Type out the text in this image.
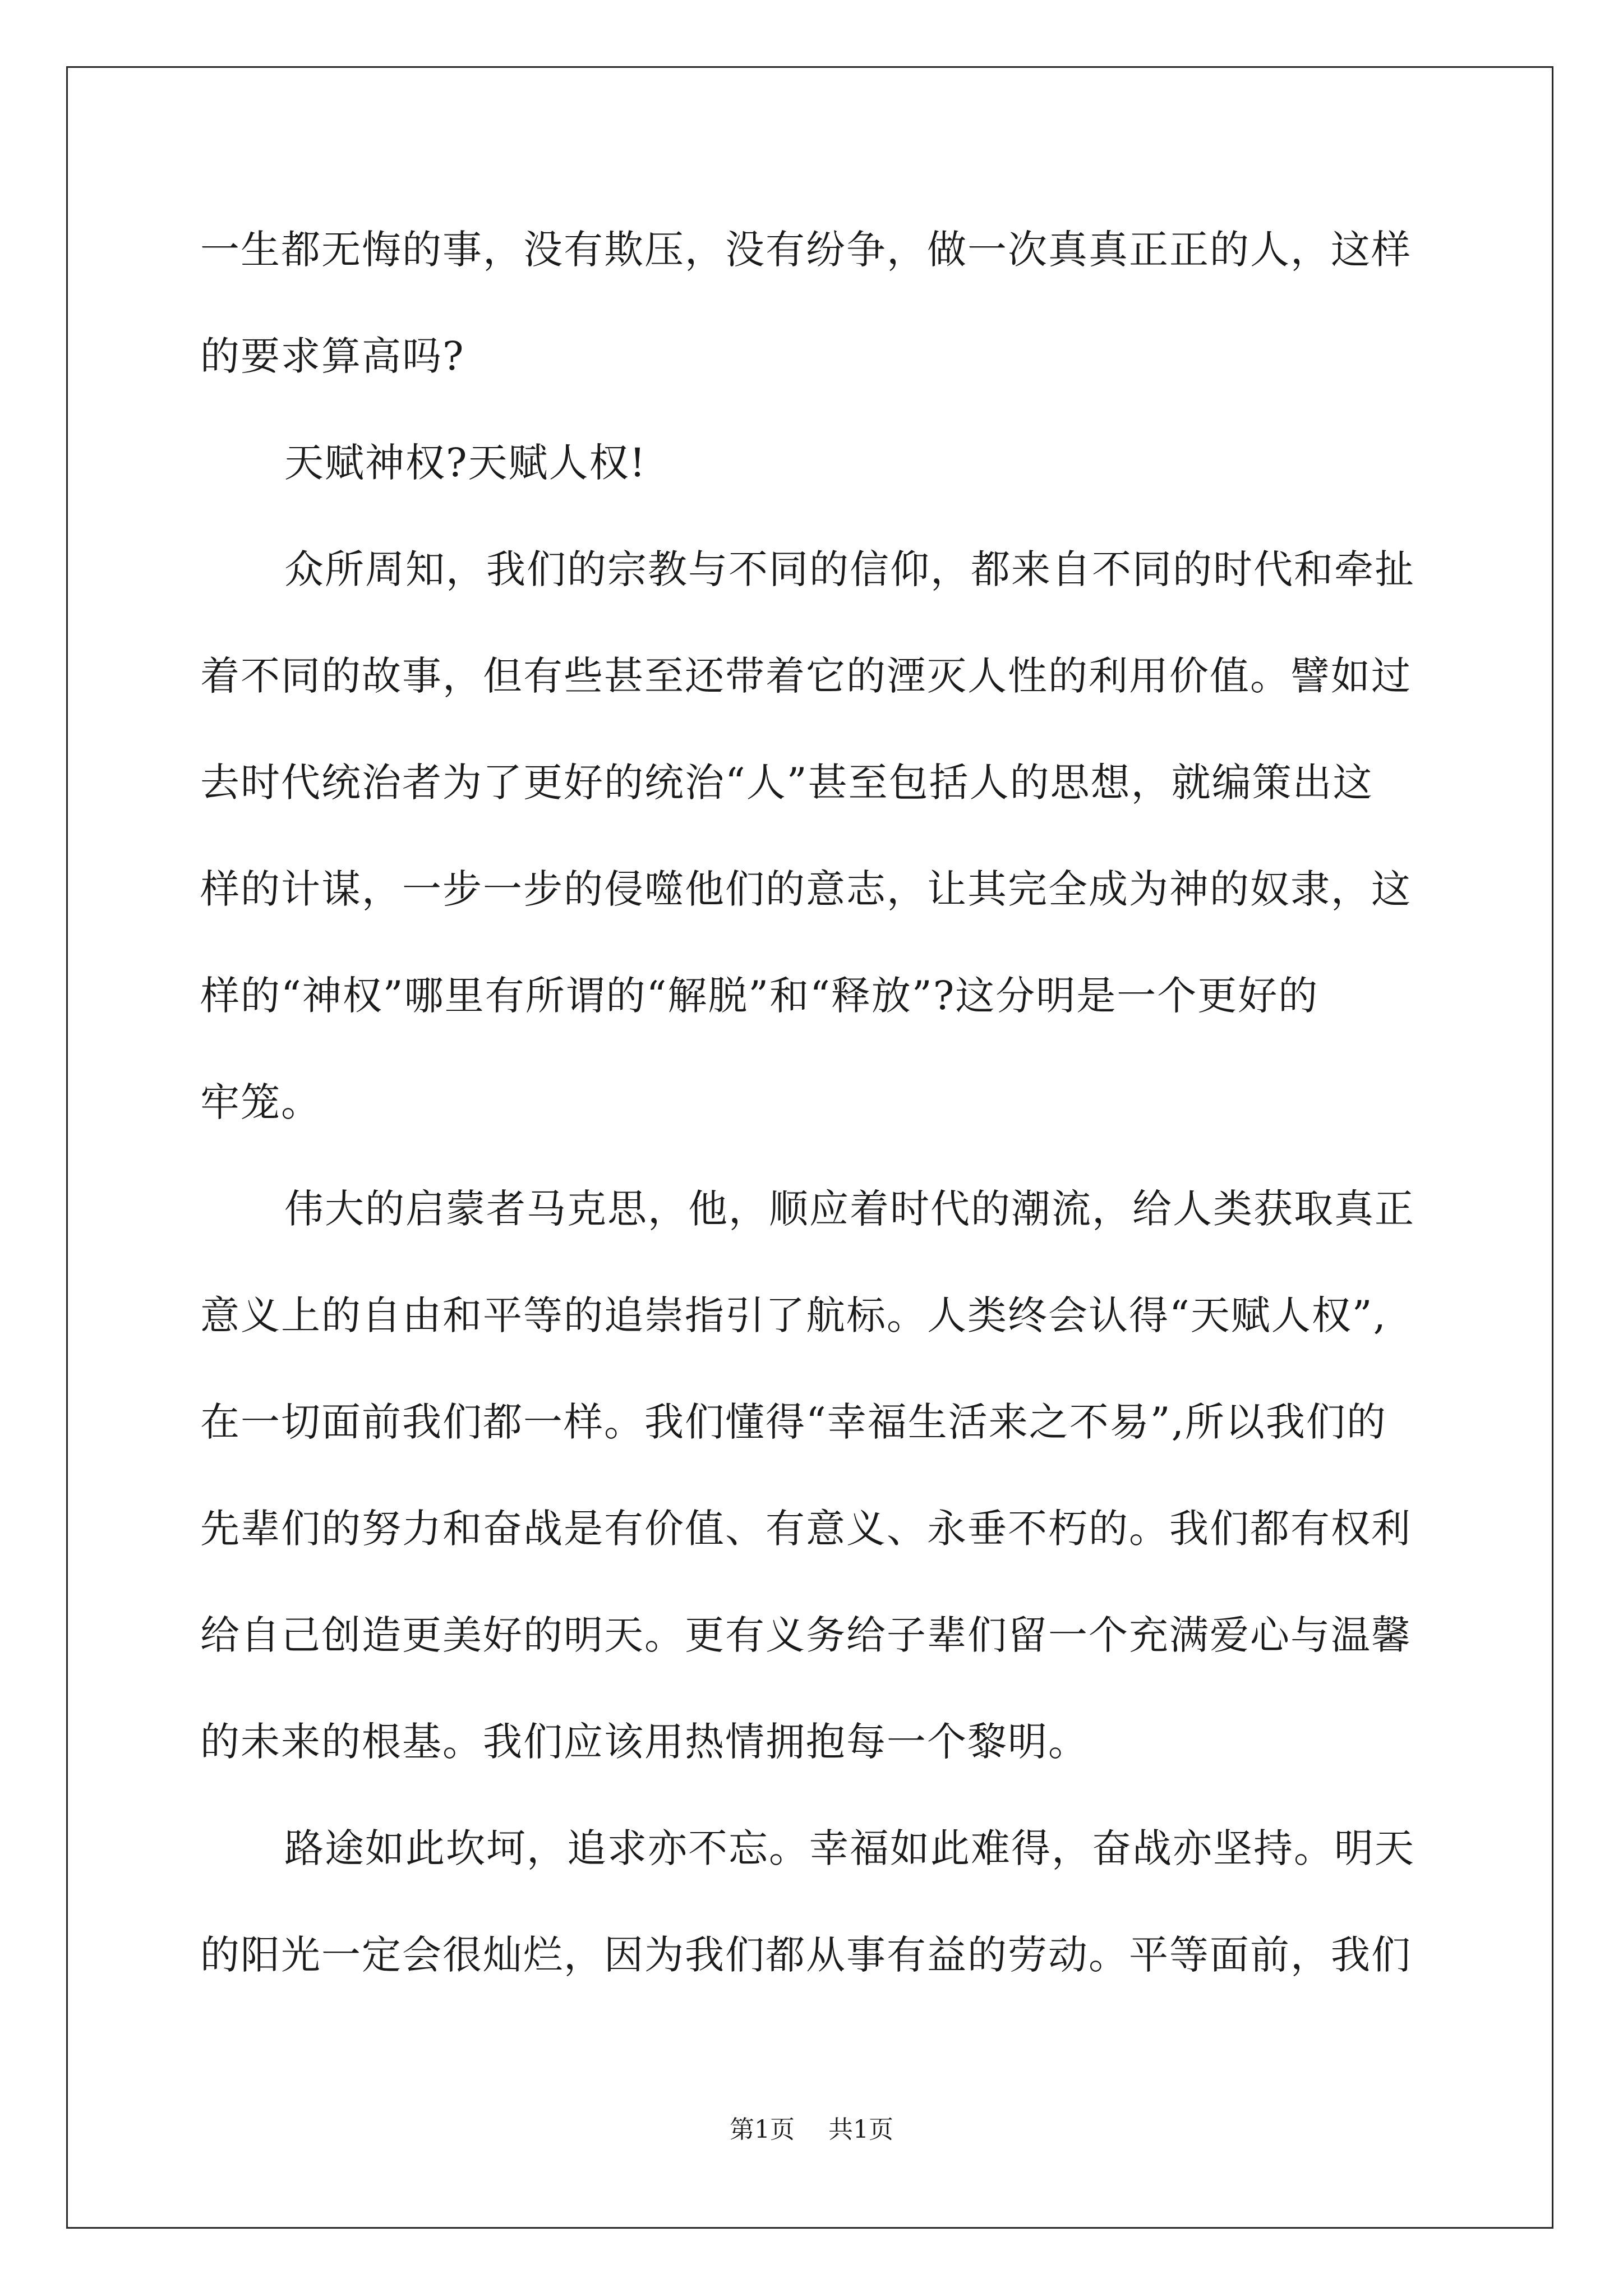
一生都无悔的事，没有欺压，没有纷争，做一次真真正正的人，这样
的要求算高吗?
天赋神权?天赋人权!
众所周知，我们的宗教与不同的信仰，都来自不同的时代和牵扯
着不同的故事，但有些甚至还带着它的湮灭人性的利用价值。譬如过
去时代统治者为了更好的统治“人”甚至包括人的思想，就编策出这
样的计谋，一步一步的侵噬他们的意志，让其完全成为神的奴隶，这
样的“神权”哪里有所谓的“解脱”和“释放”?这分明是一个更好的
牢笼。
伟大的启蒙者马克思，他，顺应着时代的潮流，给人类获取真正
意义上的自由和平等的追崇指引了航标。人类终会认得“天赋人权”,
在一切面前我们都一样。我们懂得“幸福生活来之不易”,所以我们的
先辈们的努力和奋战是有价值、有意义、永垂不朽的。我们都有权利
给自己创造更美好的明天。更有义务给子辈们留一个充满爱心与温馨
的未来的根基。我们应该用热情拥抱每一个黎明。
路途如此坎坷，追求亦不忘。幸福如此难得，奋战亦坚持。明天
的阳光一定会很灿烂，因为我们都从事有益的劳动。平等面前，我们
第1页 共1页
